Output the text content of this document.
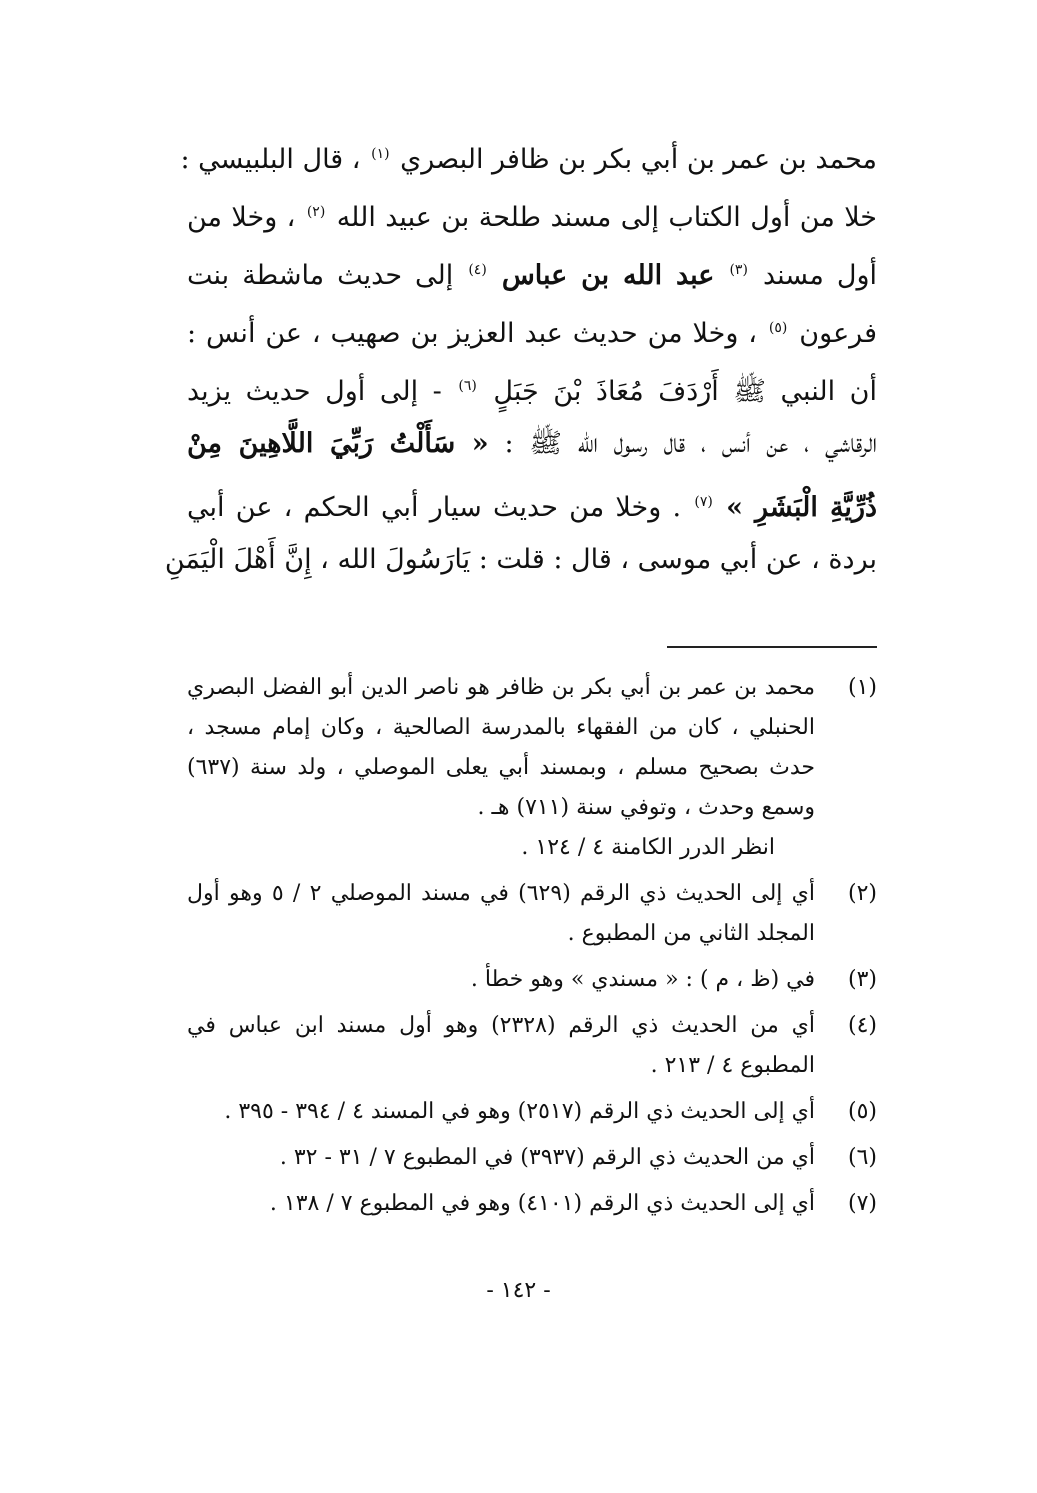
محمد بن عمر بن أبي بكر بن ظافر البصري $^{(١)}$ ، قال البلبيسي :
خلا من أول الكتاب إلى مسند طلحة بن عبيد الله $^{(٢)}$ ، وخلا من
أول مسند $^{(٣)}$ عبد الله بن عباس $^{(٤)}$ إلى حديث ماشطة بنت
فرعون $^{(٥)}$ ، وخلا من حديث عبد العزيز بن صهيب ، عن أنس :
أن النبي ﷺ أَرْدَفَ مُعَاذَ بْنَ جَبَلٍ $^{(٦)}$ - إلى أول حديث يزيد
الرقاشي ، عن أنس ، قال رسول الله ﷺ : « سَأَلْتُ رَبِّيَ اللَّاهِينَ مِنْ
ذُرِّيَّةِ الْبَشَرِ » $^{(٧)}$ . وخلا من حديث سيار أبي الحكم ، عن أبي
بردة ، عن أبي موسى ، قال : قلت : يَارَسُولَ الله ، إِنَّ أَهْلَ الْيَمَنِ
(١)
محمد بن عمر بن أبي بكر بن ظافر هو ناصر الدين أبو الفضل البصري
الحنبلي ، كان من الفقهاء بالمدرسة الصالحية ، وكان إمام مسجد ،
حدث بصحيح مسلم ، وبمسند أبي يعلى الموصلي ، ولد سنة (٦٣٧)
وسمع وحدث ، وتوفي سنة (٧١١) هـ .
انظر الدرر الكامنة ٤ / ١٢٤ .
(٢)
أي إلى الحديث ذي الرقم (٦٢٩) في مسند الموصلي ٢ / ٥ وهو أول
المجلد الثاني من المطبوع .
(٣)
في (ظ ، م ) : « مسندي » وهو خطأ .
(٤)
أي من الحديث ذي الرقم (٢٣٢٨) وهو أول مسند ابن عباس في
المطبوع ٤ / ٢١٣ .
(٥)
أي إلى الحديث ذي الرقم (٢٥١٧) وهو في المسند ٤ / ٣٩٤ - ٣٩٥ .
(٦)
أي من الحديث ذي الرقم (٣٩٣٧) في المطبوع ٧ / ٣١ - ٣٢ .
(٧)
أي إلى الحديث ذي الرقم (٤١٠١) وهو في المطبوع ٧ / ١٣٨ .
- ١٤٢ -
